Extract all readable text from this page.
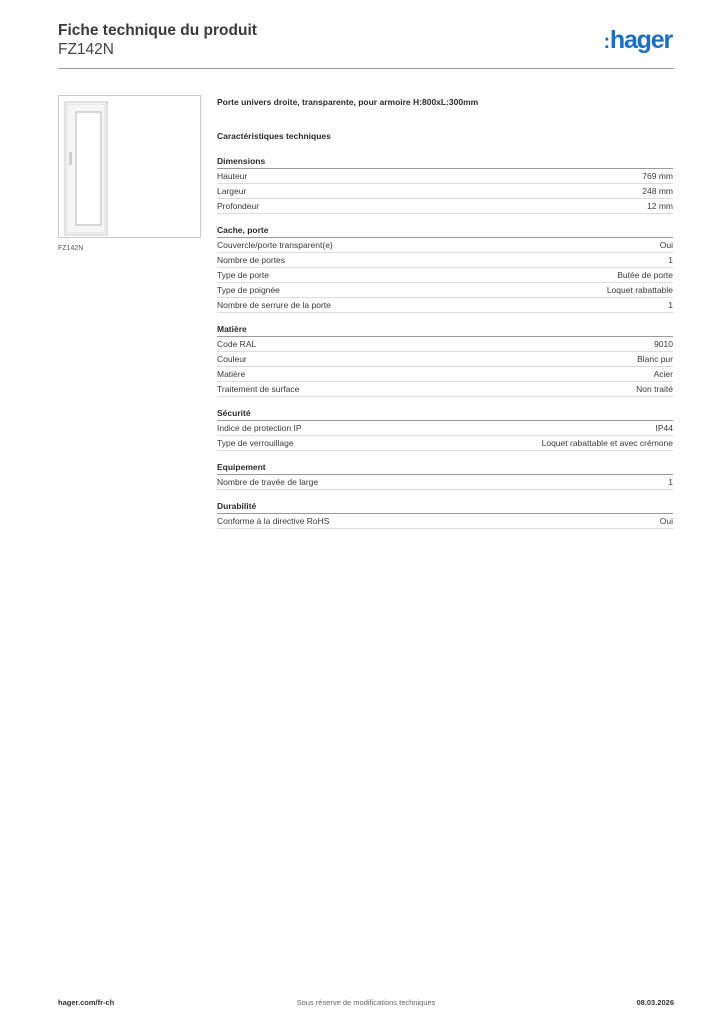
Fiche technique du produit
FZ142N	:hager
FZ142N
Porte univers droite, transparente, pour armoire H:800xL:300mm
Caractéristiques techniques
Dimensions
Hauteur	769 mm
Largeur	248 mm
Profondeur	12 mm
Cache, porte
Couvercle/porte transparent(e)	Oui
Nombre de portes	1
Type de porte	Butée de porte
Type de poignée	Loquet rabattable
Nombre de serrure de la porte	1
Matière
Code RAL	9010
Couleur	Blanc pur
Matière	Acier
Traitement de surface	Non traité
Sécurité
Indice de protection IP	IP44
Type de verrouillage	Loquet rabattable et avec crémone
Equipement
Nombre de travée de large	1
Durabilité
Conforme à la directive RoHS	Oui
hager.com/fr-ch	Sous réserve de modifications techniques	08.03.2026
